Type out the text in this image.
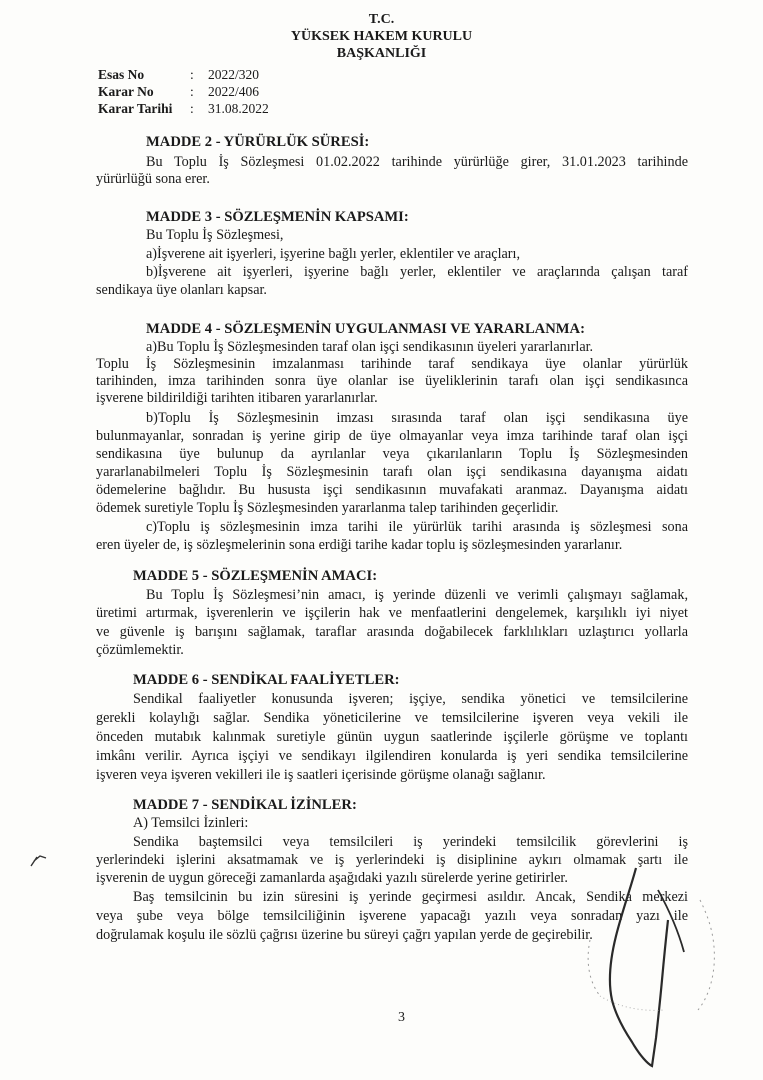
T.C.
YÜKSEK HAKEM KURULU
BAŞKANLIĞI
Esas No	:	2022/320
Karar No	:	2022/406
Karar Tarihi	:	31.08.2022
MADDE 2 - YÜRÜRLÜK SÜRESİ:
Bu Toplu İş Sözleşmesi 01.02.2022 tarihinde yürürlüğe girer, 31.01.2023 tarihinde
yürürlüğü sona erer.
MADDE 3 - SÖZLEŞMENİN KAPSAMI:
Bu Toplu İş Sözleşmesi,
a)İşverene ait işyerleri, işyerine bağlı yerler, eklentiler ve araçları,
b)İşverene ait işyerleri, işyerine bağlı yerler, eklentiler ve araçlarında çalışan taraf
sendikaya üye olanları kapsar.
MADDE 4 - SÖZLEŞMENİN UYGULANMASI VE YARARLANMA:
a)Bu Toplu İş Sözleşmesinden taraf olan işçi sendikasının üyeleri yararlanırlar.
Toplu İş Sözleşmesinin imzalanması tarihinde taraf sendikaya üye olanlar yürürlük
tarihinden, imza tarihinden sonra üye olanlar ise üyeliklerinin tarafı olan işçi sendikasınca
işverene bildirildiği tarihten itibaren yararlanırlar.
b)Toplu İş Sözleşmesinin imzası sırasında taraf olan işçi sendikasına üye
bulunmayanlar, sonradan iş yerine girip de üye olmayanlar veya imza tarihinde taraf olan işçi
sendikasına üye bulunup da ayrılanlar veya çıkarılanların Toplu İş Sözleşmesinden
yararlanabilmeleri Toplu İş Sözleşmesinin tarafı olan işçi sendikasına dayanışma aidatı
ödemelerine bağlıdır. Bu hususta işçi sendikasının muvafakati aranmaz. Dayanışma aidatı
ödemek suretiyle Toplu İş Sözleşmesinden yararlanma talep tarihinden geçerlidir.
c)Toplu iş sözleşmesinin imza tarihi ile yürürlük tarihi arasında iş sözleşmesi sona
eren üyeler de, iş sözleşmelerinin sona erdiği tarihe kadar toplu iş sözleşmesinden yararlanır.
MADDE 5 - SÖZLEŞMENİN AMACI:
Bu Toplu İş Sözleşmesi’nin amacı, iş yerinde düzenli ve verimli çalışmayı sağlamak,
üretimi artırmak, işverenlerin ve işçilerin hak ve menfaatlerini dengelemek, karşılıklı iyi niyet
ve güvenle iş barışını sağlamak, taraflar arasında doğabilecek farklılıkları uzlaştırıcı yollarla
çözümlemektir.
MADDE 6 - SENDİKAL FAALİYETLER:
Sendikal faaliyetler konusunda işveren; işçiye, sendika yönetici ve temsilcilerine
gerekli kolaylığı sağlar. Sendika yöneticilerine ve temsilcilerine işveren veya vekili ile
önceden mutabık kalınmak suretiyle günün uygun saatlerinde işçilerle görüşme ve toplantı
imkânı verilir. Ayrıca işçiyi ve sendikayı ilgilendiren konularda iş yeri sendika temsilcilerine
işveren veya işveren vekilleri ile iş saatleri içerisinde görüşme olanağı sağlanır.
MADDE 7 - SENDİKAL İZİNLER:
A) Temsilci İzinleri:
Sendika baştemsilci veya temsilcileri iş yerindeki temsilcilik görevlerini iş
yerlerindeki işlerini aksatmamak ve iş yerlerindeki iş disiplinine aykırı olmamak şartı ile
işverenin de uygun göreceği zamanlarda aşağıdaki yazılı sürelerde yerine getirirler.
Baş temsilcinin bu izin süresini iş yerinde geçirmesi asıldır. Ancak, Sendika merkezi
veya şube veya bölge temsilciliğinin işverene yapacağı yazılı veya sonradan yazı ile
doğrulamak koşulu ile sözlü çağrısı üzerine bu süreyi çağrı yapılan yerde de geçirebilir.
3
